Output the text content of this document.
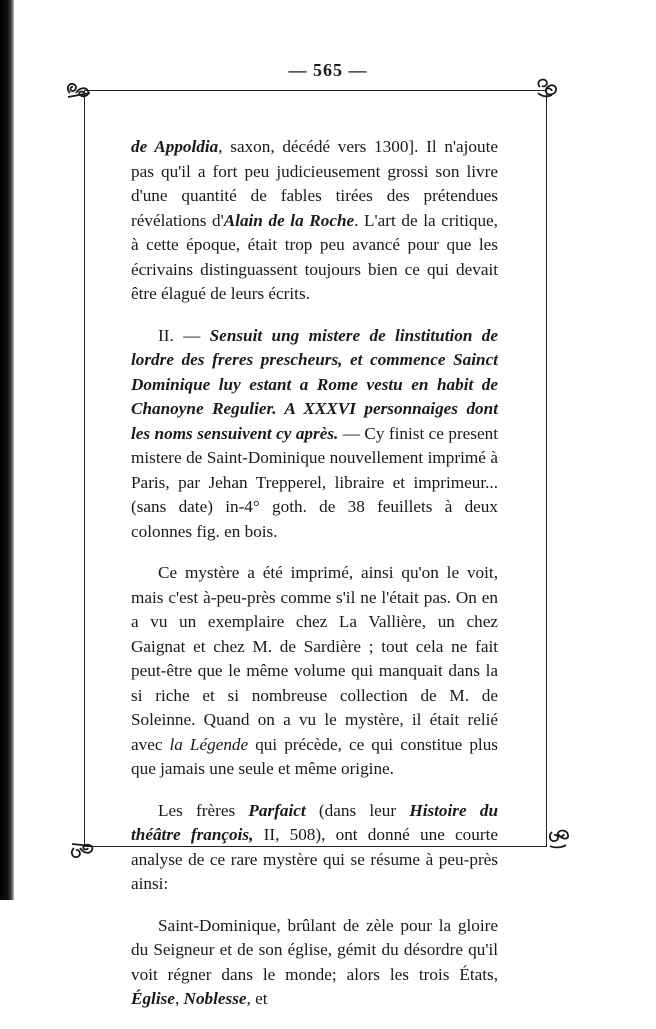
— 565 —

de Appoldia, saxon, décédé vers 1300]. Il n'ajoute pas qu'il a fort peu judicieusement grossi son livre d'une quantité de fables tirées des prétendues révélations d'Alain de la Roche. L'art de la critique, à cette époque, était trop peu avancé pour que les écrivains distinguassent toujours bien ce qui devait être élagué de leurs écrits.

II. — Sensuit ung mistere de linstitution de lordre des freres prescheurs, et commence Sainct Dominique luy estant a Rome vestu en habit de Chanoyne Regulier. A XXXVI personnaiges dont les noms sensuivent cy après. — Cy finist ce present mistere de Saint-Dominique nouvellement imprimé à Paris, par Jehan Trepperel, libraire et imprimeur... (sans date) in-4° goth. de 38 feuillets à deux colonnes fig. en bois.

Ce mystère a été imprimé, ainsi qu'on le voit, mais c'est à-peu-près comme s'il ne l'était pas. On en a vu un exemplaire chez La Vallière, un chez Gaignat et chez M. de Sardière ; tout cela ne fait peut-être que le même volume qui manquait dans la si riche et si nombreuse collection de M. de Soleinne. Quand on a vu le mystère, il était relié avec la Légende qui précède, ce qui constitue plus que jamais une seule et même origine.

Les frères Parfaict (dans leur Histoire du théâtre françois, II, 508), ont donné une courte analyse de ce rare mystère qui se résume à peu-près ainsi:

Saint-Dominique, brûlant de zèle pour la gloire du Seigneur et de son église, gémit du désordre qu'il voit régner dans le monde; alors les trois États, Église, Noblesse, et
